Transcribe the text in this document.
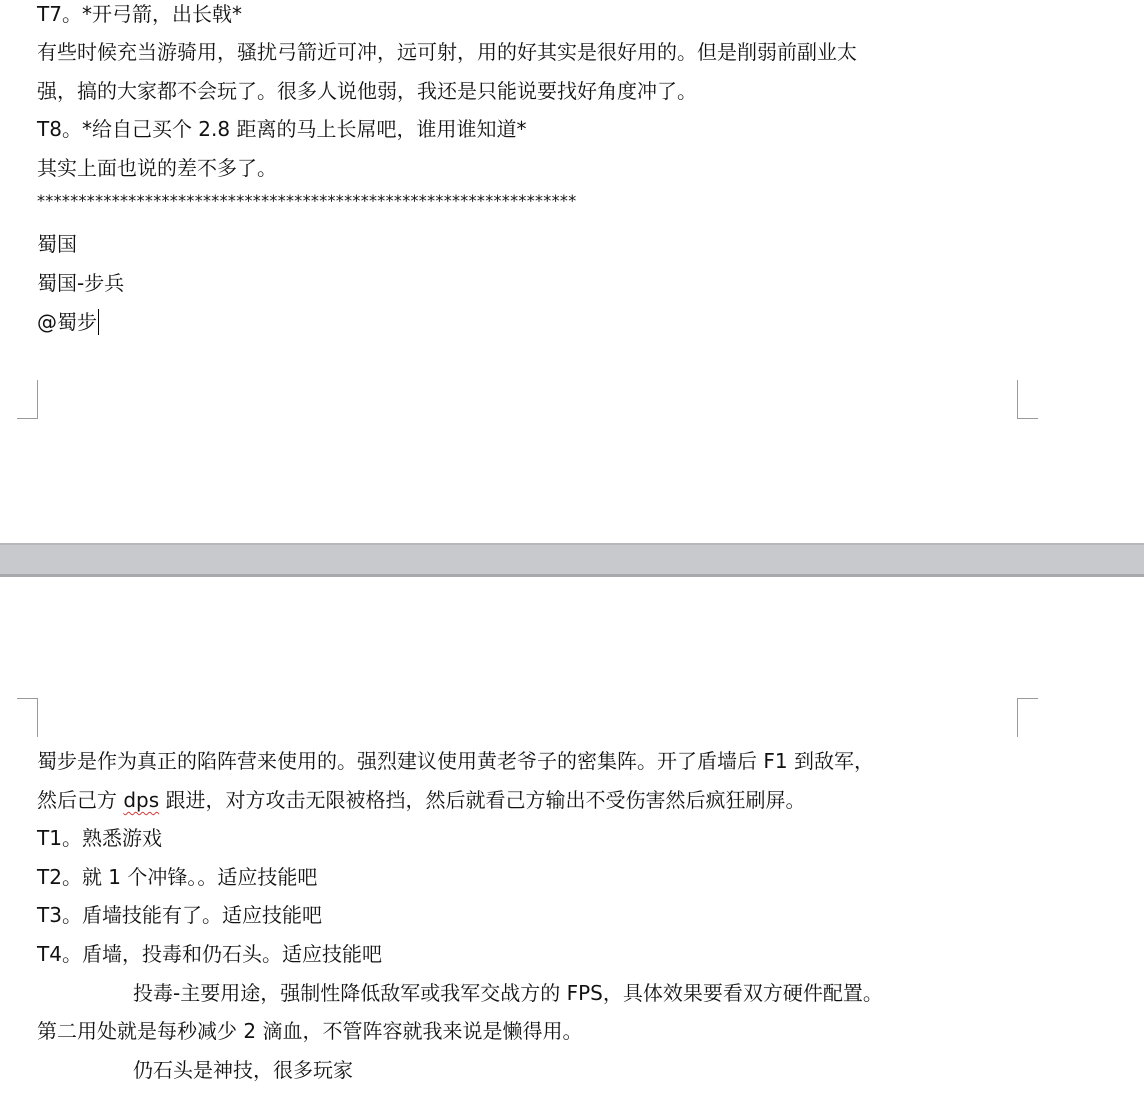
T7。*开弓箭，出长戟*
有些时候充当游骑用，骚扰弓箭近可冲，远可射，用的好其实是很好用的。但是削弱前副业太
强，搞的大家都不会玩了。很多人说他弱，我还是只能说要找好角度冲了。
T8。*给自己买个 2.8 距离的马上长屌吧，谁用谁知道*
其实上面也说的差不多了。
*****************************************************************
蜀国
蜀国-步兵
@蜀步
蜀步是作为真正的陷阵营来使用的。强烈建议使用黄老爷子的密集阵。开了盾墙后 F1 到敌军，
然后己方 dps 跟进，对方攻击无限被格挡，然后就看己方输出不受伤害然后疯狂刷屏。
T1。熟悉游戏
T2。就 1 个冲锋。。适应技能吧
T3。盾墙技能有了。适应技能吧
T4。盾墙，投毒和仍石头。适应技能吧
投毒-主要用途，强制性降低敌军或我军交战方的 FPS，具体效果要看双方硬件配置。
第二用处就是每秒减少 2 滴血，不管阵容就我来说是懒得用。
仍石头是神技，很多玩家
